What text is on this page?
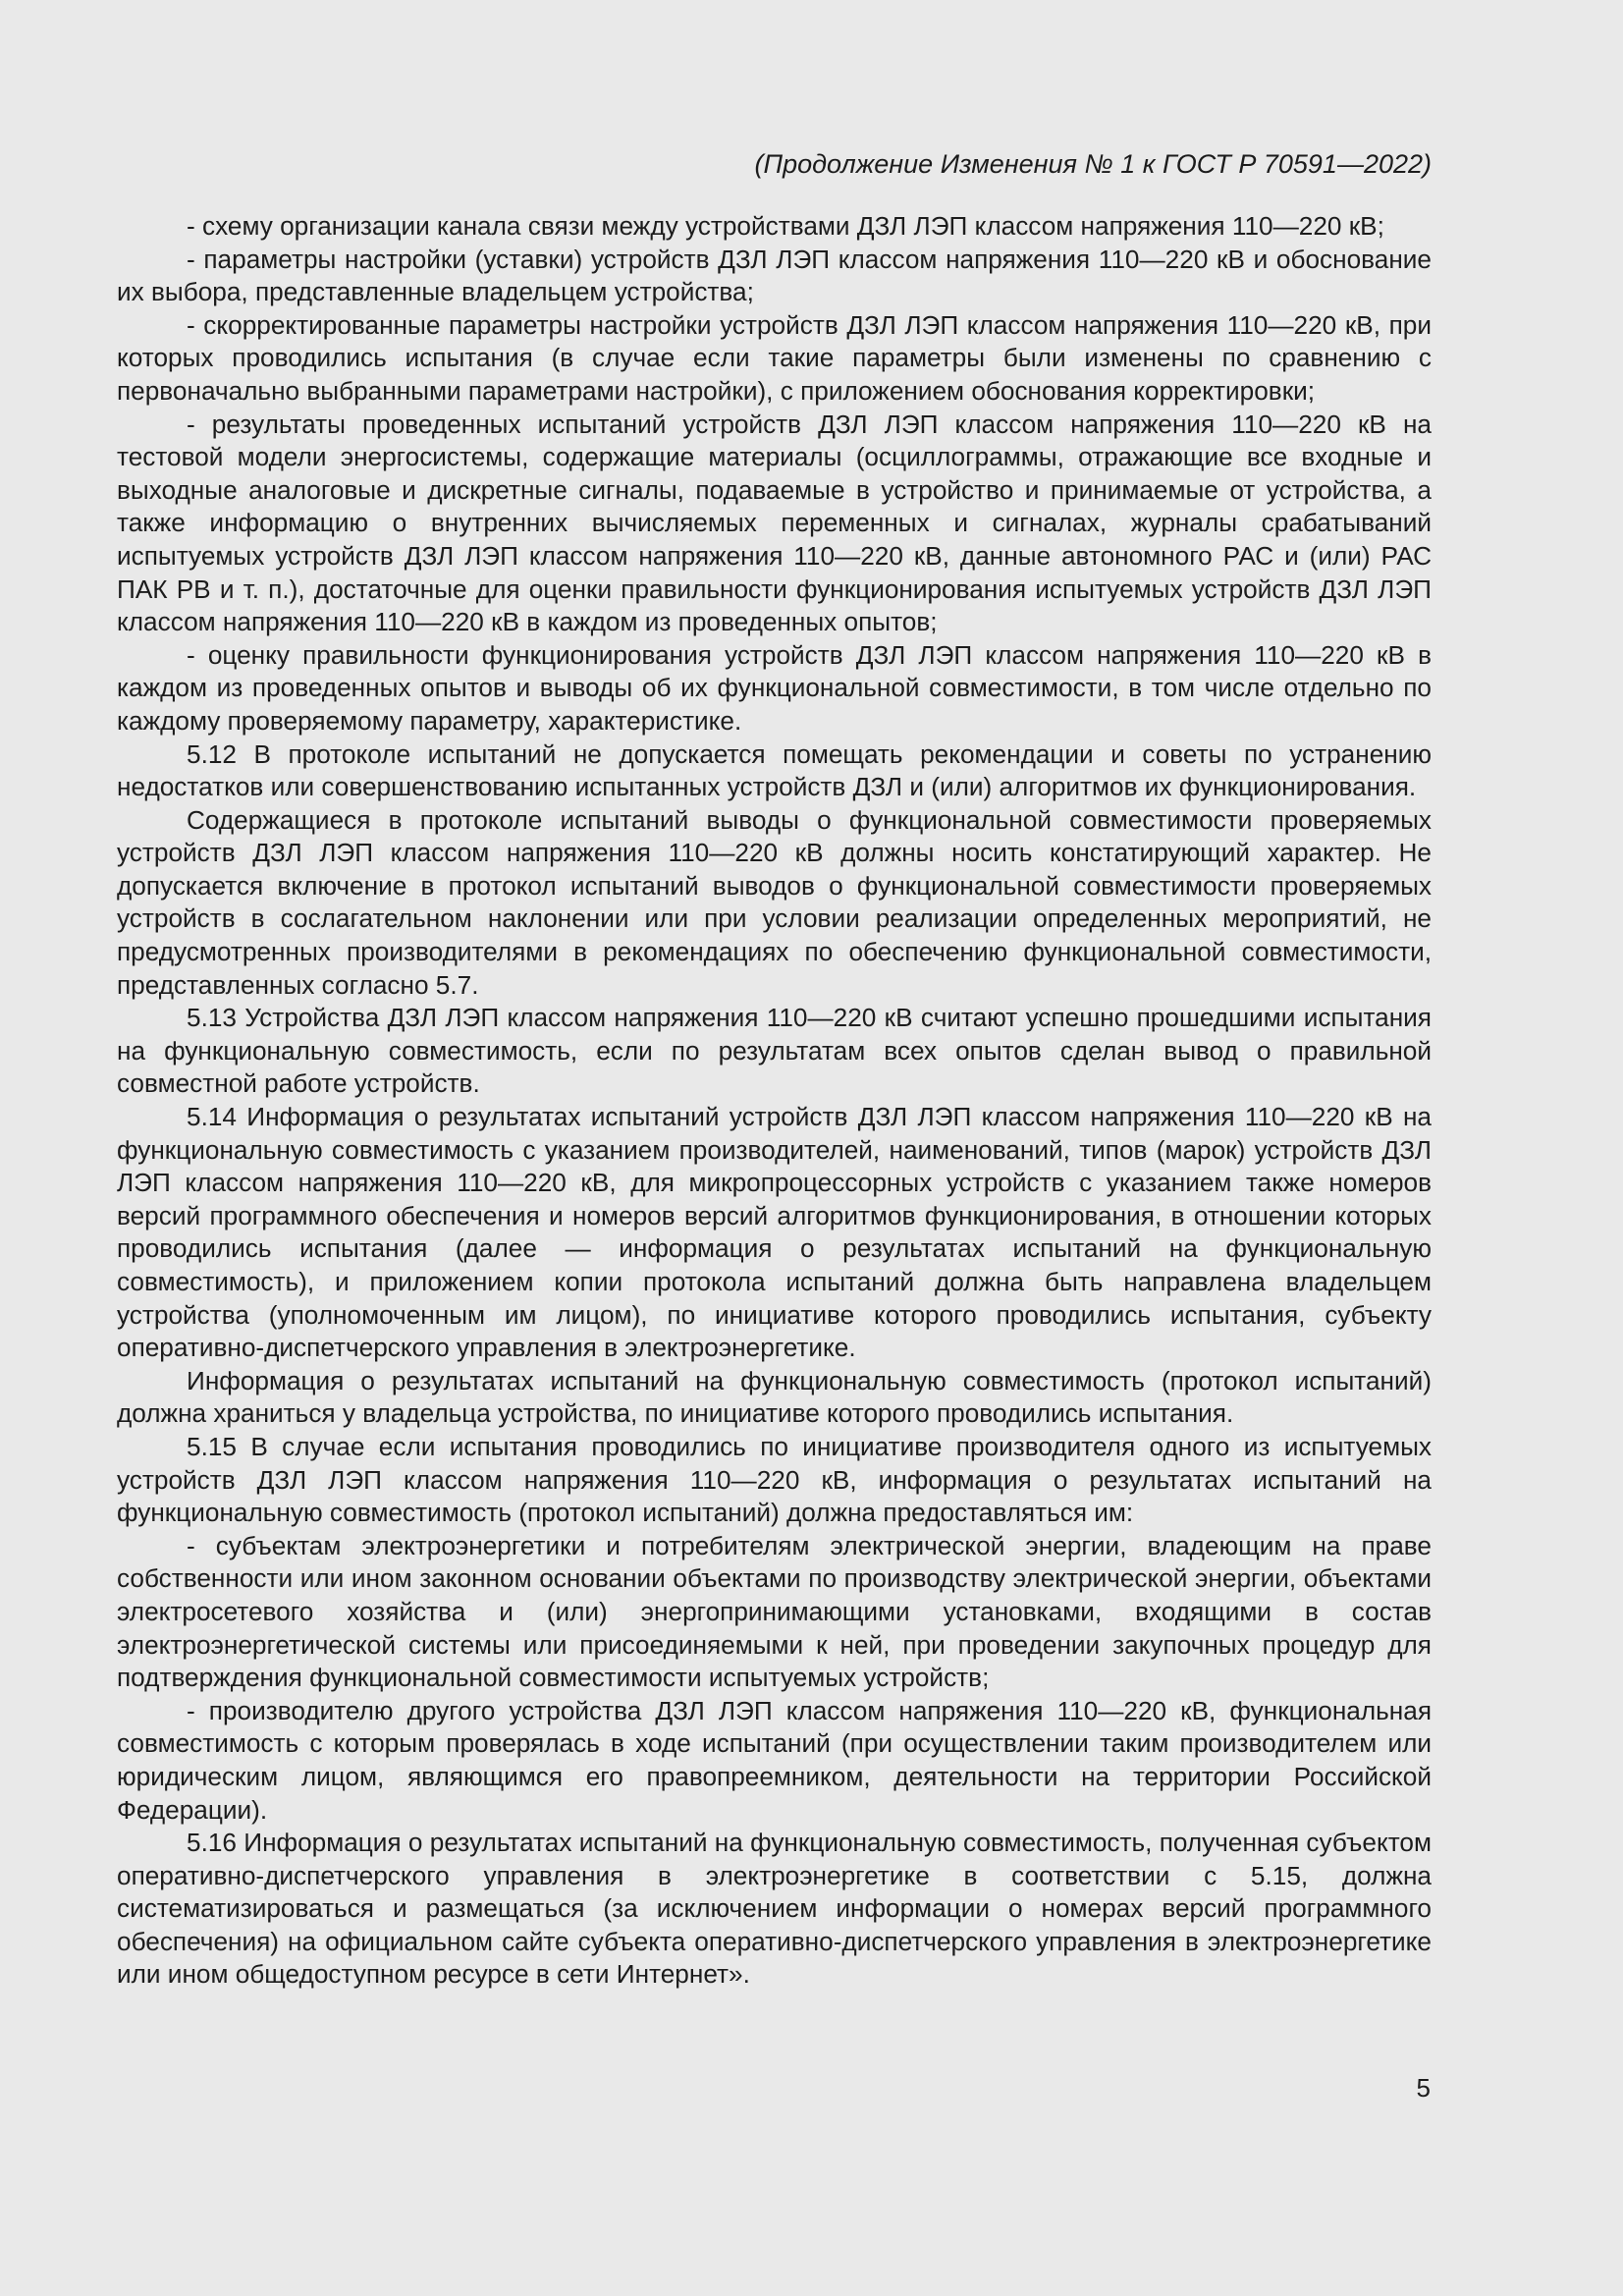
(Продолжение Изменения № 1 к ГОСТ Р 70591—2022)

- схему организации канала связи между устройствами ДЗЛ ЛЭП классом напряжения 110—220 кВ;

- параметры настройки (уставки) устройств ДЗЛ ЛЭП классом напряжения 110—220 кВ и обоснование их выбора, представленные владельцем устройства;

- скорректированные параметры настройки устройств ДЗЛ ЛЭП классом напряжения 110—220 кВ, при которых проводились испытания (в случае если такие параметры были изменены по сравнению с первоначально выбранными параметрами настройки), с приложением обоснования корректировки;

- результаты проведенных испытаний устройств ДЗЛ ЛЭП классом напряжения 110—220 кВ на тестовой модели энергосистемы, содержащие материалы (осциллограммы, отражающие все входные и выходные аналоговые и дискретные сигналы, подаваемые в устройство и принимаемые от устройства, а также информацию о внутренних вычисляемых переменных и сигналах, журналы срабатываний испытуемых устройств ДЗЛ ЛЭП классом напряжения 110—220 кВ, данные автономного РАС и (или) РАС ПАК РВ и т. п.), достаточные для оценки правильности функционирования испытуемых устройств ДЗЛ ЛЭП классом напряжения 110—220 кВ в каждом из проведенных опытов;

- оценку правильности функционирования устройств ДЗЛ ЛЭП классом напряжения 110—220 кВ в каждом из проведенных опытов и выводы об их функциональной совместимости, в том числе отдельно по каждому проверяемому параметру, характеристике.

5.12 В протоколе испытаний не допускается помещать рекомендации и советы по устранению недостатков или совершенствованию испытанных устройств ДЗЛ и (или) алгоритмов их функционирования.

Содержащиеся в протоколе испытаний выводы о функциональной совместимости проверяемых устройств ДЗЛ ЛЭП классом напряжения 110—220 кВ должны носить констатирующий характер. Не допускается включение в протокол испытаний выводов о функциональной совместимости проверяемых устройств в сослагательном наклонении или при условии реализации определенных мероприятий, не предусмотренных производителями в рекомендациях по обеспечению функциональной совместимости, представленных согласно 5.7.

5.13 Устройства ДЗЛ ЛЭП классом напряжения 110—220 кВ считают успешно прошедшими испытания на функциональную совместимость, если по результатам всех опытов сделан вывод о правильной совместной работе устройств.

5.14 Информация о результатах испытаний устройств ДЗЛ ЛЭП классом напряжения 110—220 кВ на функциональную совместимость с указанием производителей, наименований, типов (марок) устройств ДЗЛ ЛЭП классом напряжения 110—220 кВ, для микропроцессорных устройств с указанием также номеров версий программного обеспечения и номеров версий алгоритмов функционирования, в отношении которых проводились испытания (далее — информация о результатах испытаний на функциональную совместимость), и приложением копии протокола испытаний должна быть направлена владельцем устройства (уполномоченным им лицом), по инициативе которого проводились испытания, субъекту оперативно-диспетчерского управления в электроэнергетике.

Информация о результатах испытаний на функциональную совместимость (протокол испытаний) должна храниться у владельца устройства, по инициативе которого проводились испытания.

5.15 В случае если испытания проводились по инициативе производителя одного из испытуемых устройств ДЗЛ ЛЭП классом напряжения 110—220 кВ, информация о результатах испытаний на функциональную совместимость (протокол испытаний) должна предоставляться им:

- субъектам электроэнергетики и потребителям электрической энергии, владеющим на праве собственности или ином законном основании объектами по производству электрической энергии, объектами электросетевого хозяйства и (или) энергопринимающими установками, входящими в состав электроэнергетической системы или присоединяемыми к ней, при проведении закупочных процедур для подтверждения функциональной совместимости испытуемых устройств;

- производителю другого устройства ДЗЛ ЛЭП классом напряжения 110—220 кВ, функциональная совместимость с которым проверялась в ходе испытаний (при осуществлении таким производителем или юридическим лицом, являющимся его правопреемником, деятельности на территории Российской Федерации).

5.16 Информация о результатах испытаний на функциональную совместимость, полученная субъектом оперативно-диспетчерского управления в электроэнергетике в соответствии с 5.15, должна систематизироваться и размещаться (за исключением информации о номерах версий программного обеспечения) на официальном сайте субъекта оперативно-диспетчерского управления в электроэнергетике или ином общедоступном ресурсе в сети Интернет».

5
